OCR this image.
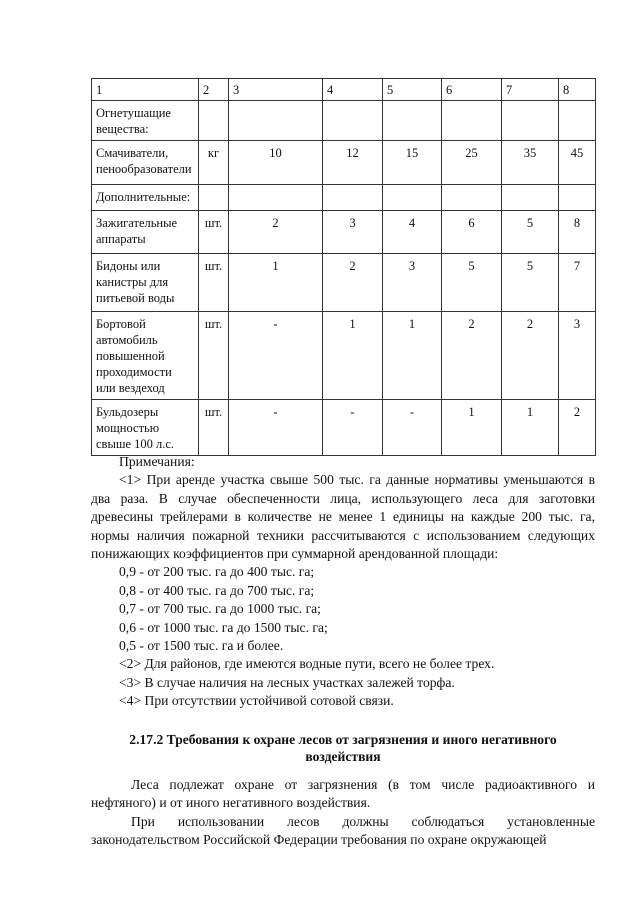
1	2	3	4	5	6	7	8
Огнетушащие вещества:							
Смачиватели, пенообразователи	кг	10	12	15	25	35	45
Дополнительные:							
Зажигательные аппараты	шт.	2	3	4	6	5	8
Бидоны или канистры для питьевой воды	шт.	1	2	3	5	5	7
Бортовой автомобиль повышенной проходимости или вездеход	шт.	-	1	1	2	2	3
Бульдозеры мощностью свыше 100 л.с.	шт.	-	-	-	1	1	2

Примечания:

<1> При аренде участка свыше 500 тыс. га данные нормативы уменьшаются в два раза. В случае обеспеченности лица, использующего леса для заготовки древесины трейлерами в количестве не менее 1 единицы на каждые 200 тыс. га, нормы наличия пожарной техники рассчитываются с использованием следующих понижающих коэффициентов при суммарной арендованной площади:

0,9 - от 200 тыс. га до 400 тыс. га;

0,8 - от 400 тыс. га до 700 тыс. га;

0,7 - от 700 тыс. га до 1000 тыс. га;

0,6 - от 1000 тыс. га до 1500 тыс. га;

0,5 - от 1500 тыс. га и более.

<2> Для районов, где имеются водные пути, всего не более трех.

<3> В случае наличия на лесных участках залежей торфа.

<4> При отсутствии устойчивой сотовой связи.

2.17.2 Требования к охране лесов от загрязнения и иного негативного воздействия

Леса подлежат охране от загрязнения (в том числе радиоактивного и нефтяного) и от иного негативного воздействия.

При использовании лесов должны соблюдаться установленные законодательством Российской Федерации требования по охране окружающей
